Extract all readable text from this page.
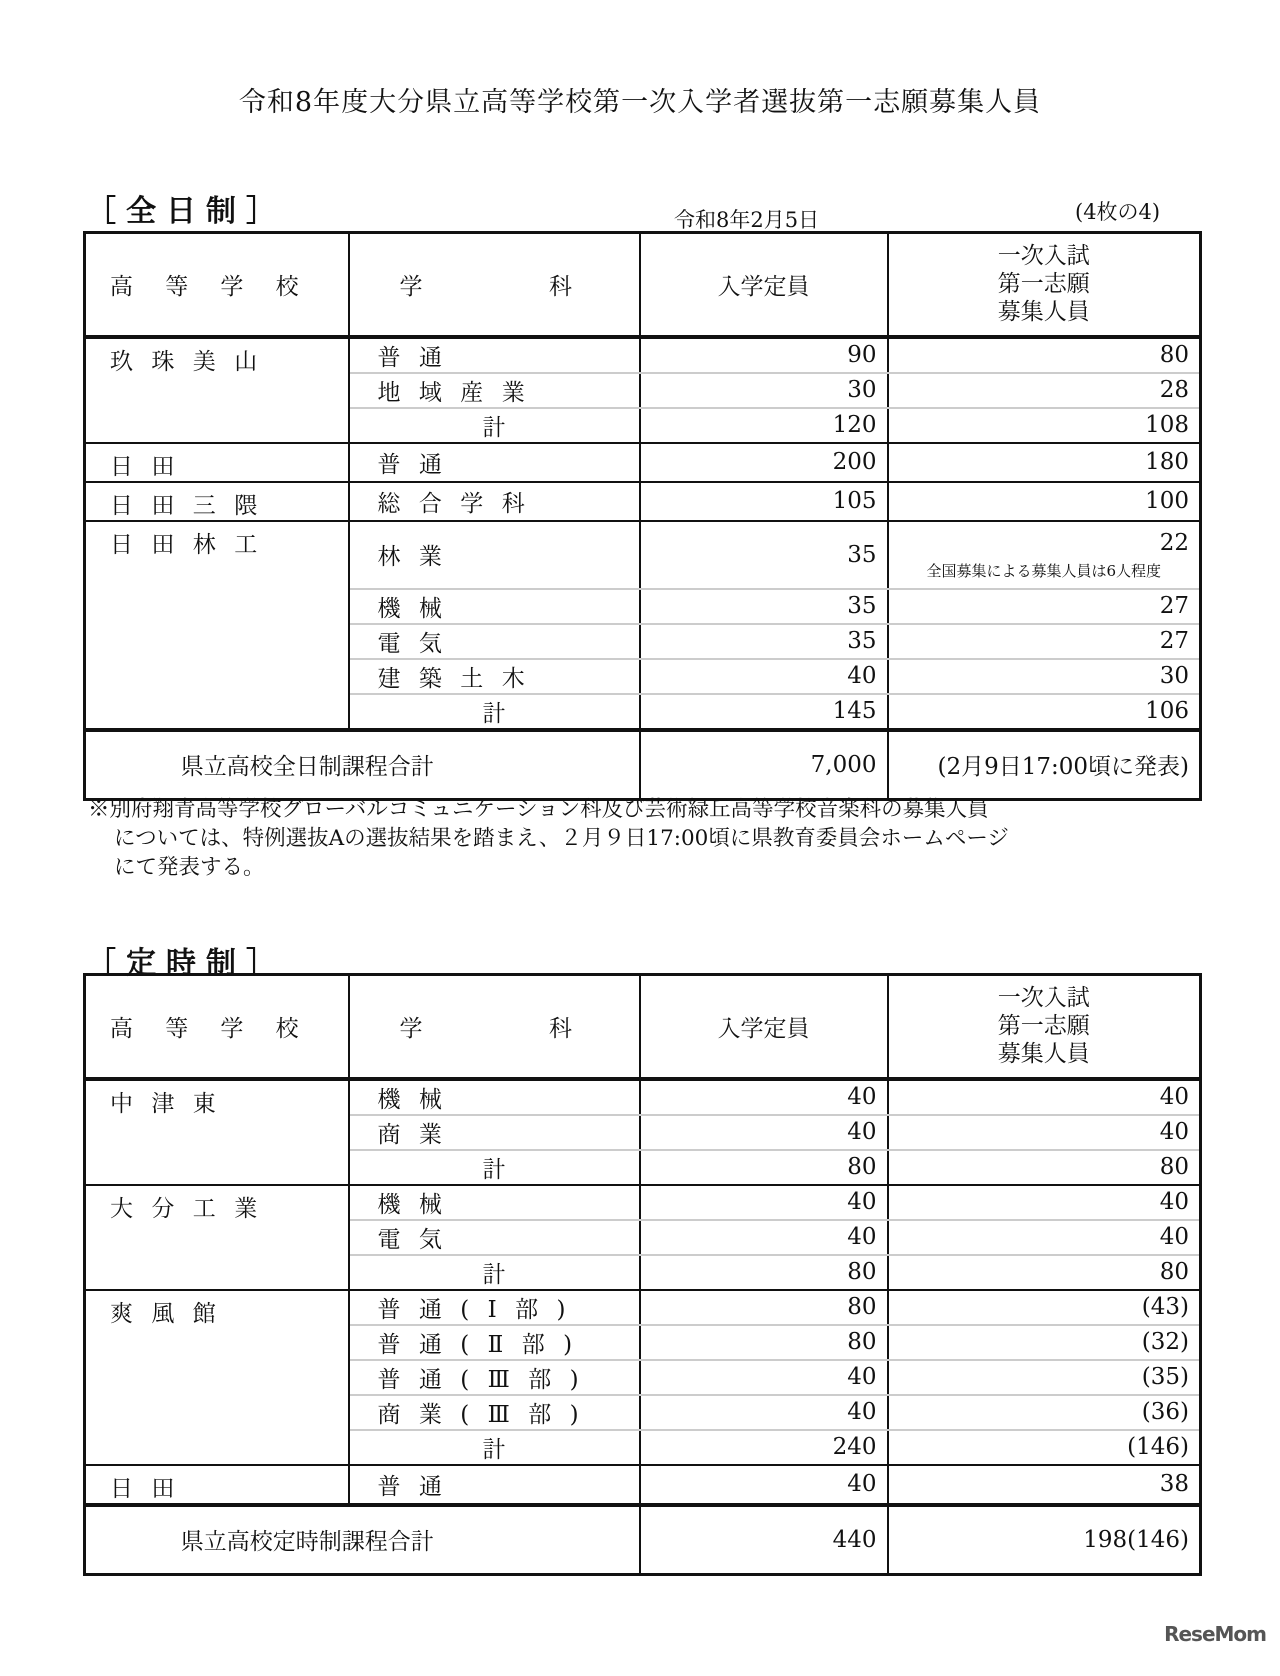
令和8年度大分県立高等学校第一次入学者選抜第一志願募集人員
［全日制］	令和8年2月5日	(4枚の4)
高等学校	学科	入学定員	一次入試
第一志願
募集人員

玖珠美山	普通	90	80

	地域産業	30	28

	計	120	108

日田	普通	200	180

日田三隈	総合学科	105	100

日田林工	林業	35	22
全国募集による募集人員は6人程度

	機械	35	27

	電気	35	27

	建築土木	40	30

	計	145	106

県立高校全日制課程合計		7,000	(2月9日17:00頃に発表)
※別府翔青高等学校グローバルコミュニケーション科及び芸術緑丘高等学校音楽科の募集人員
については、特例選抜Aの選抜結果を踏まえ、２月９日17:00頃に県教育委員会ホームページ
にて発表する。
［定時制］
高等学校	学科	入学定員	一次入試
第一志願
募集人員

中津東	機械	40	40

	商業	40	40

	計	80	80

大分工業	機械	40	40

	電気	40	40

	計	80	80

爽風館	普通(Ⅰ部)	80	(43)

	普通(Ⅱ部)	80	(32)

	普通(Ⅲ部)	40	(35)

	商業(Ⅲ部)	40	(36)

	計	240	(146)

日田	普通	40	38

県立高校定時制課程合計		440	198(146)
ReseMom
